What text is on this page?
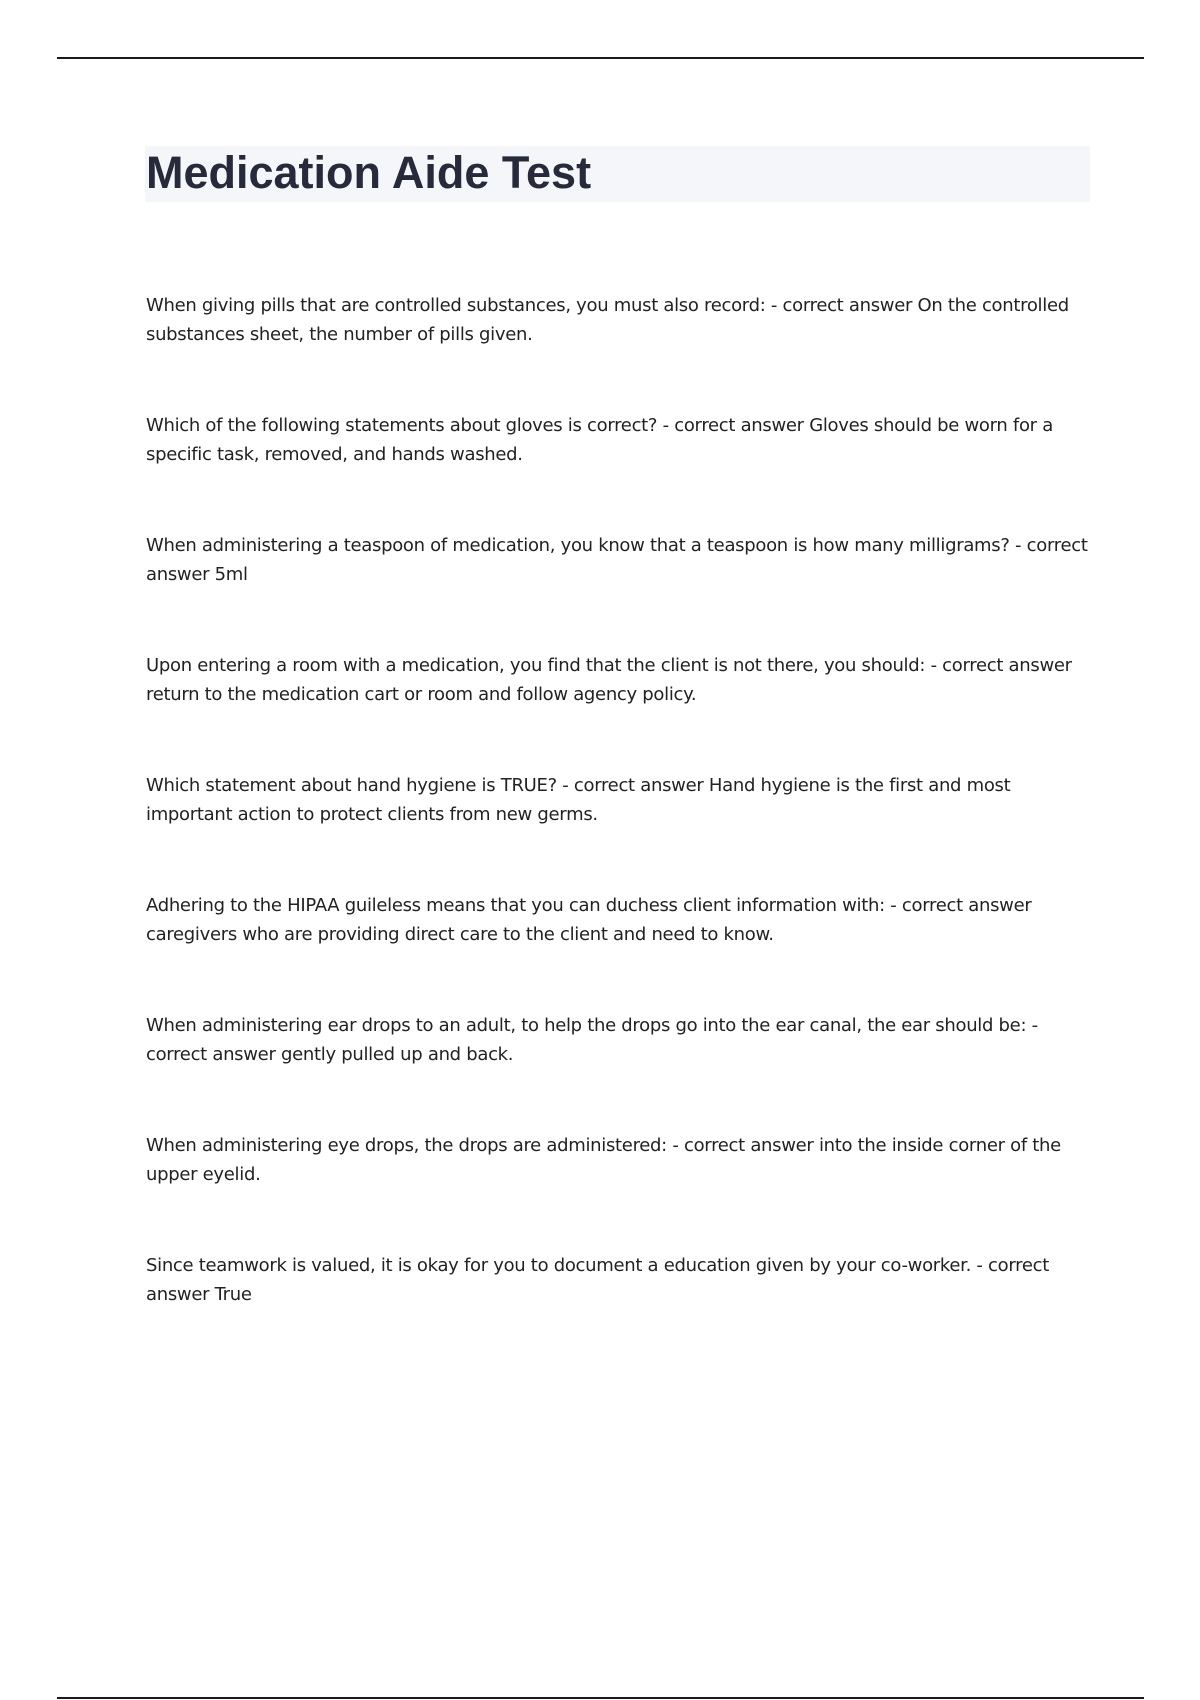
Medication Aide Test
When giving pills that are controlled substances, you must also record: - correct answer On the controlled substances sheet, the number of pills given.
Which of the following statements about gloves is correct? - correct answer Gloves should be worn for a specific task, removed, and hands washed.
When administering a teaspoon of medication, you know that a teaspoon is how many milligrams? - correct answer 5ml
Upon entering a room with a medication, you find that the client is not there, you should: - correct answer return to the medication cart or room and follow agency policy.
Which statement about hand hygiene is TRUE? - correct answer Hand hygiene is the first and most important action to protect clients from new germs.
Adhering to the HIPAA guileless means that you can duchess client information with: - correct answer caregivers who are providing direct care to the client and need to know.
When administering ear drops to an adult, to help the drops go into the ear canal, the ear should be: - correct answer gently pulled up and back.
When administering eye drops, the drops are administered: - correct answer into the inside corner of the upper eyelid.
Since teamwork is valued, it is okay for you to document a education given by your co-worker. - correct answer True
